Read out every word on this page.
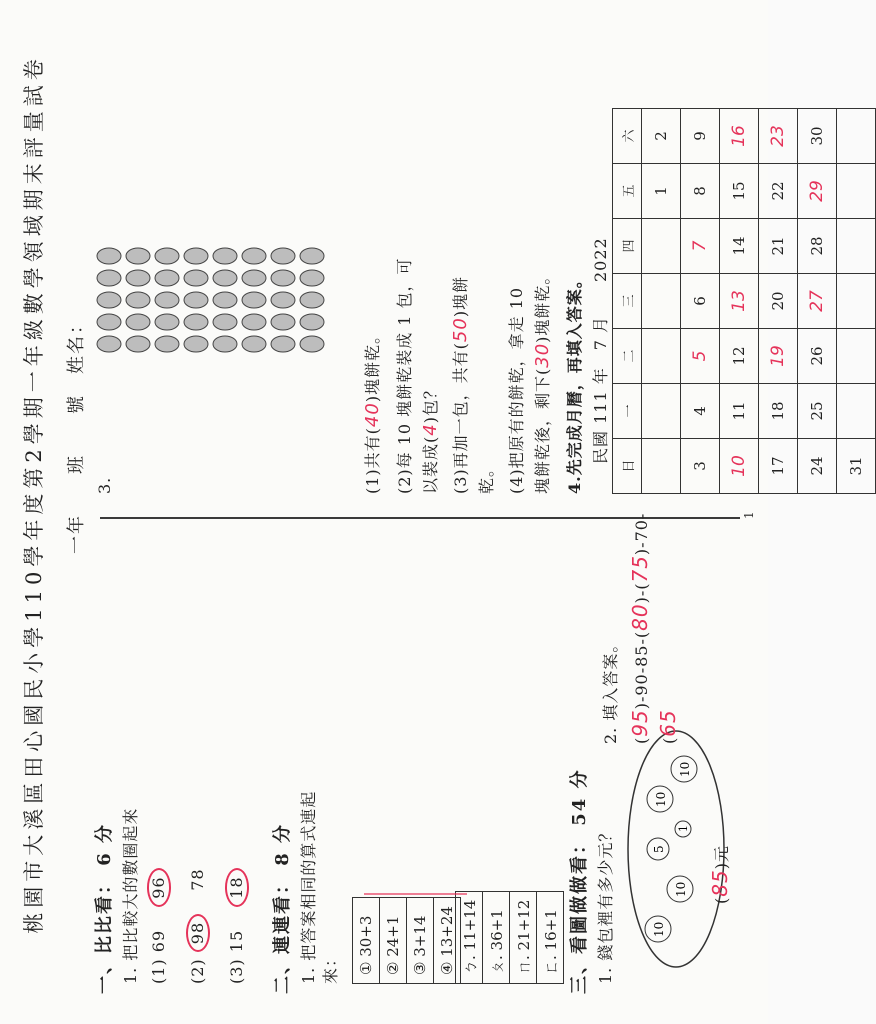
桃園市大溪區田心國民小學110學年度第2學期一年級數學領域期末評量試卷 一年　　班　　號　姓名：	1
一、比比看： 6 分 1. 把比較大的數圈起來 (1) 69　 96
(2) 98　 78
(3) 15　 18 二、連連看： 8 分 1. 把答案相同的算式連起 來： ① 30+3
② 24+1
③ 3+14
④ 13+24 ㄅ. 11+14
ㄆ. 36+1
ㄇ. 21+12
ㄈ. 16+1 三、看圖做做看： 54 分 1. 錢包裡有多少元？	10
10
5
1
10
10
(85)元
2. 填入答案。 (95)-90-85-(80)-(75)-70-
(65
3.	(1)共有(40)塊餅乾。 (2)每 10 塊餅乾裝成 1 包，可 以裝成(4)包？ (3)再加一包，共有(50)塊餅
乾。 (4)把原有的餅乾，拿走 10 塊餅乾後，剩下(30)塊餅乾。 4.先完成月曆，再填入答案。 民國 111 年　7 月　　2022
日	一	二	三	四	五	六
					1	2
3	4	5	6	7	8	9
10	11	12	13	14	15	16
17	18	19	20	21	22	23
24	25	26	27	28	29	30
31						
